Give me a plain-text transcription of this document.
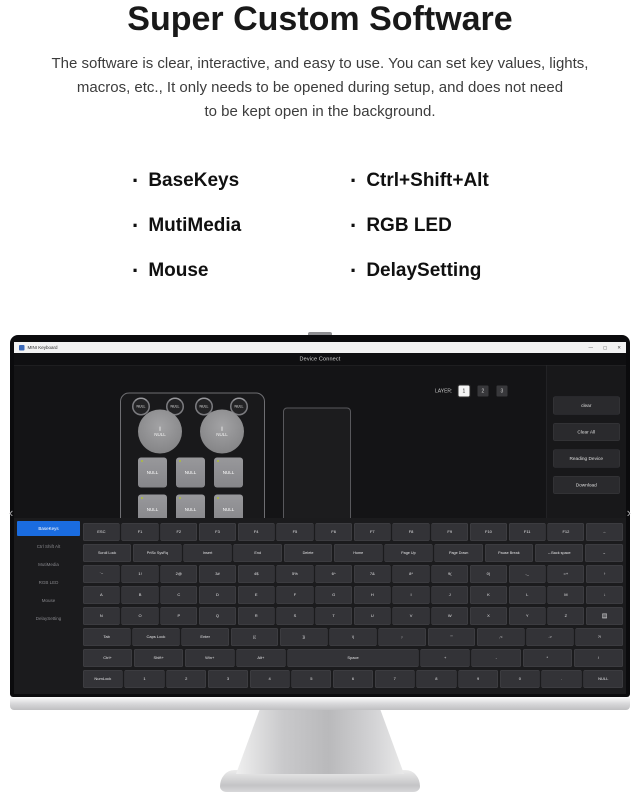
Super Custom Software
The software is clear, interactive, and easy to use. You can set key values, lights,
macros, etc., It only needs to be opened during setup, and does not need
to be kept open in the background.
· BaseKeys	· Ctrl+Shift+Alt
· MutiMedia	· RGB LED
· Mouse	· DelaySetting
‹	›
MINI Keyboard	— ▢ ✕
Device Connect
NULL	NULL	NULL	NULL
NULL	NULL
NULL	NULL	NULL
NULL	NULL	NULL
LAYER:	1	2	3
clear
Clear All
Reading Device
Download
BaseKeys
Ctrl Shift Alt
MutiMedia
RGB LED
Mouse
DelaySetting
ESC	F1	F2	F3	F4	F5	F6	F7	F8	F9	F10	F11	F12	←
Scroll Lock	PrtSc SysRq	Insert	End	Delete	Home	Page Up	Page Down	Pause Break	←Back space	→
`~	1!	2@	3#	4$	5%	6^	7&	8*	9(	0)	-_	=+	↑
A	B	C	D	E	F	G	H	I	J	K	L	M	↓
N	O	P	Q	R	S	T	U	V	W	X	Y	Z	▤
Tab	Caps Lock	Enter	[{	]}	\|	;:	'"	,<	.>	?/
Ctrl+	Shift+	Win+	Alt+	Space	+	-	*	/
NumLock	1	2	3	4	5	6	7	8	9	0	.	NULL
